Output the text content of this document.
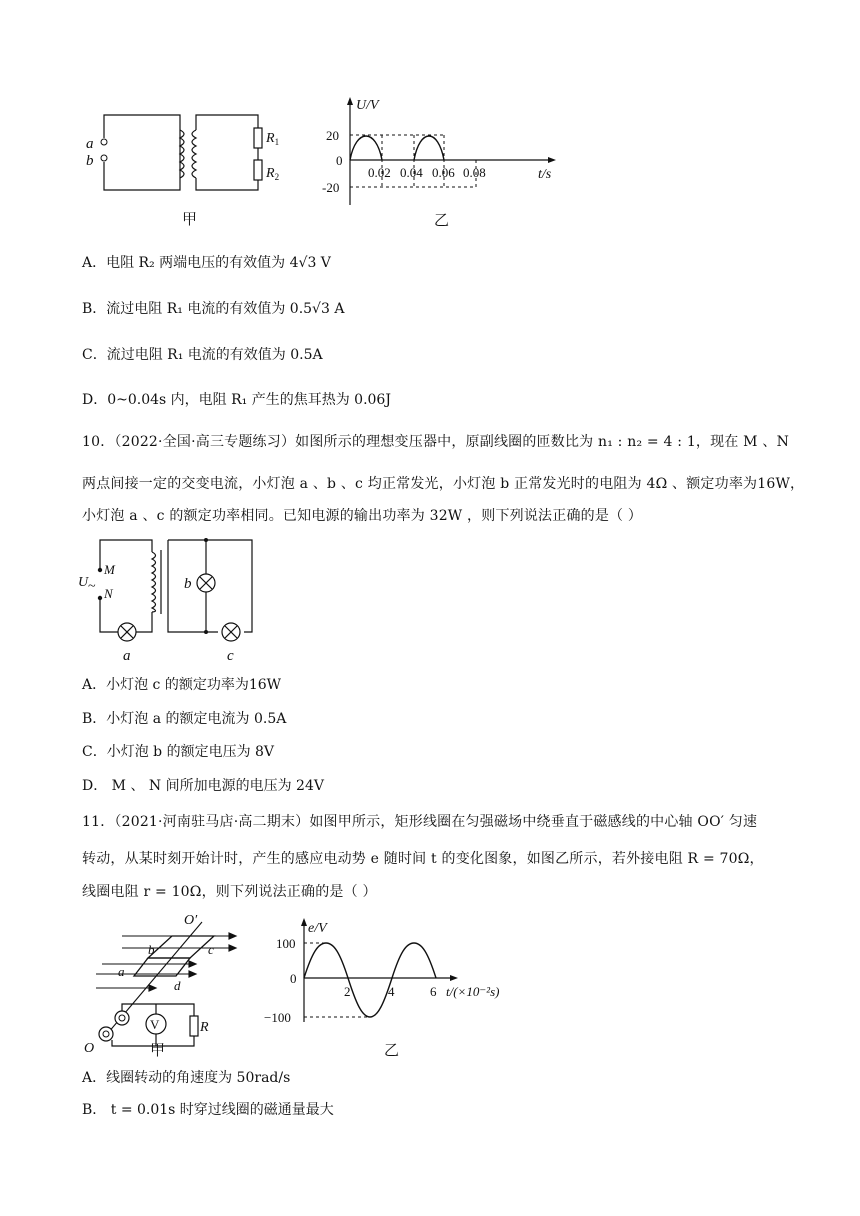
a
b
$R_1$
$R_2$
甲
U/V
t/s
20
0
-20
0.02 0.04 0.06 0.08
乙
A．电阻 R₂ 两端电压的有效值为 4√3 V
B．流过电阻 R₁ 电流的有效值为 0.5√3 A
C．流过电阻 R₁ 电流的有效值为 0.5A
D．0~0.04s 内，电阻 R₁ 产生的焦耳热为 0.06J
10．（2022·全国·高三专题练习）如图所示的理想变压器中，原副线圈的匝数比为 n₁ : n₂ = 4 : 1，现在 M 、N
两点间接一定的交变电流，小灯泡 a 、b 、c 均正常发光，小灯泡 b 正常发光时的电阻为 4Ω 、额定功率为16W，
小灯泡 a 、c 的额定功率相同。已知电源的输出功率为 32W ，则下列说法正确的是（ ）
U ~
M
N
b
a	c
A．小灯泡 c 的额定功率为16W
B．小灯泡 a 的额定电流为 0.5A
C．小灯泡 b 的额定电压为 8V
D． M 、 N 间所加电源的电压为 24V
11．（2021·河南驻马店·高二期末）如图甲所示，矩形线圈在匀强磁场中绕垂直于磁感线的中心轴 OO′ 匀速
转动，从某时刻开始计时，产生的感应电动势 e 随时间 t 的变化图象，如图乙所示，若外接电阻 R = 70Ω，
线圈电阻 r = 10Ω，则下列说法正确的是（ ）
O′
O
b	c
a
d
V	R
甲
e/V
100
0
−100
2	4	6 t/(×10⁻²s)
乙
A．线圈转动的角速度为 50rad/s
B． t = 0.01s 时穿过线圈的磁通量最大
